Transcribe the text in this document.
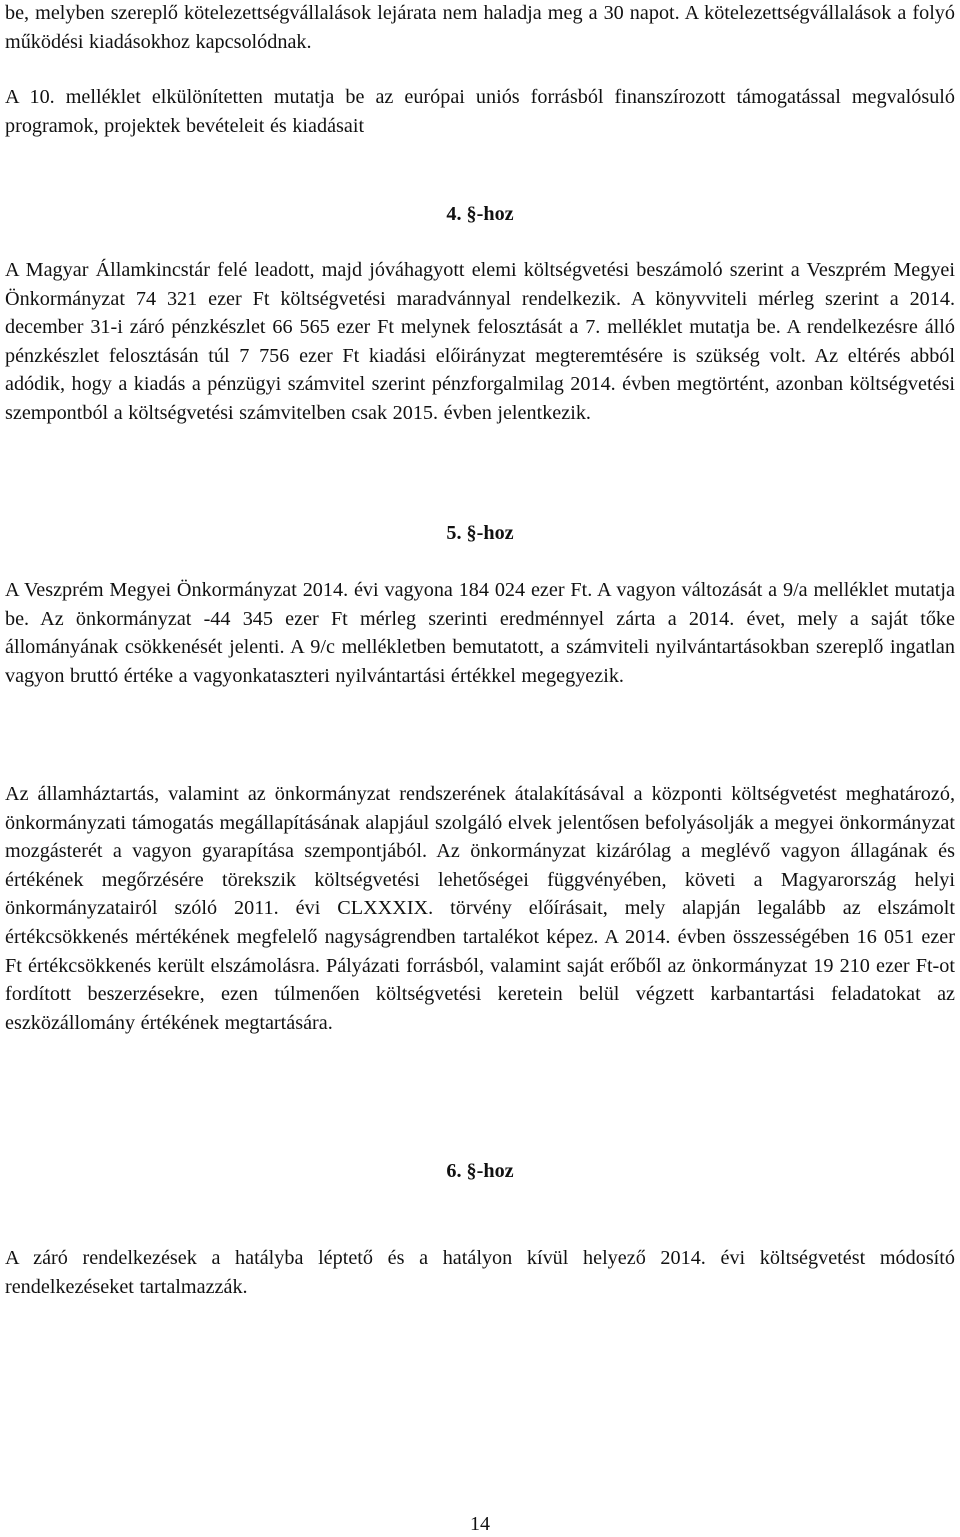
be, melyben szereplő kötelezettségvállalások lejárata nem haladja meg a 30 napot. A kötelezettségvállalások a folyó működési kiadásokhoz kapcsolódnak.

A 10. melléklet elkülönítetten mutatja be az európai uniós forrásból finanszírozott támogatással megvalósuló programok, projektek bevételeit és kiadásait

4. §-hoz

A Magyar Államkincstár felé leadott, majd jóváhagyott elemi költségvetési beszámoló szerint a Veszprém Megyei Önkormányzat 74 321 ezer Ft költségvetési maradvánnyal rendelkezik. A könyvviteli mérleg szerint a 2014. december 31-i záró pénzkészlet 66 565 ezer Ft melynek felosztását a 7. melléklet mutatja be. A rendelkezésre álló pénzkészlet felosztásán túl 7 756 ezer Ft kiadási előirányzat megteremtésére is szükség volt. Az eltérés abból adódik, hogy a kiadás a pénzügyi számvitel szerint pénzforgalmilag 2014. évben megtörtént, azonban költségvetési szempontból a költségvetési számvitelben csak 2015. évben jelentkezik.

5. §-hoz

A Veszprém Megyei Önkormányzat 2014. évi vagyona 184 024 ezer Ft. A vagyon változását a 9/a melléklet mutatja be. Az önkormányzat -44 345 ezer Ft mérleg szerinti eredménnyel zárta a 2014. évet, mely a saját tőke állományának csökkenését jelenti. A 9/c mellékletben bemutatott, a számviteli nyilvántartásokban szereplő ingatlan vagyon bruttó értéke a vagyonkataszteri nyilvántartási értékkel megegyezik.

Az államháztartás, valamint az önkormányzat rendszerének átalakításával a központi költségvetést meghatározó, önkormányzati támogatás megállapításának alapjául szolgáló elvek jelentősen befolyásolják a megyei önkormányzat mozgásterét a vagyon gyarapítása szempontjából. Az önkormányzat kizárólag a meglévő vagyon állagának és értékének megőrzésére törekszik költségvetési lehetőségei függvényében, követi a Magyarország helyi önkormányzatairól szóló 2011. évi CLXXXIX. törvény előírásait, mely alapján legalább az elszámolt értékcsökkenés mértékének megfelelő nagyságrendben tartalékot képez. A 2014. évben összességében 16 051 ezer Ft értékcsökkenés került elszámolásra. Pályázati forrásból, valamint saját erőből az önkormányzat 19 210 ezer Ft-ot fordított beszerzésekre, ezen túlmenően költségvetési keretein belül végzett karbantartási feladatokat az eszközállomány értékének megtartására.

6. §-hoz

A záró rendelkezések a hatályba léptető és a hatályon kívül helyező 2014. évi költségvetést módosító rendelkezéseket tartalmazzák.

14
